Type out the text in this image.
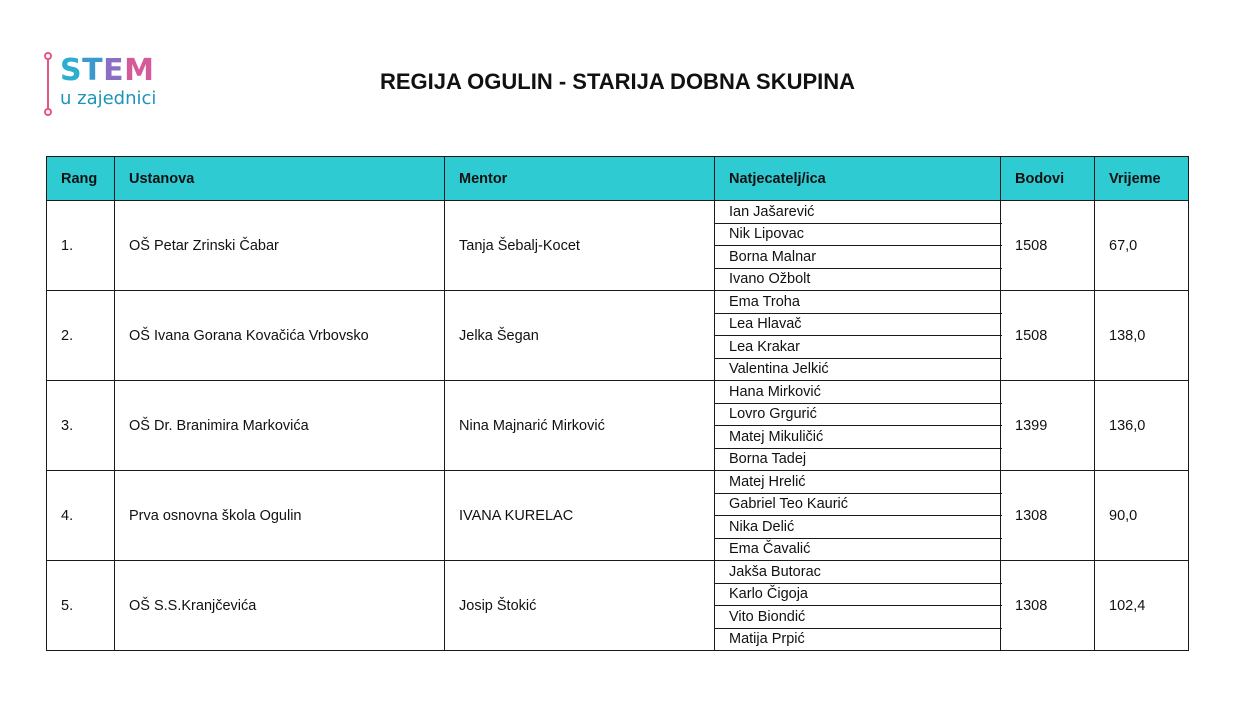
STEM
u zajednici
REGIJA OGULIN - STARIJA DOBNA SKUPINA
Rang	Ustanova	Mentor	Natjecatelj/ica	Bodovi	Vrijeme
1.	OŠ Petar Zrinski Čabar	Tanja Šebalj-Kocet	Ian Jašarević
Nik Lipovac
Borna Malnar
Ivano Ožbolt	1508	67,0
2.	OŠ Ivana Gorana Kovačića Vrbovsko	Jelka Šegan	Ema Troha
Lea Hlavač
Lea Krakar
Valentina Jelkić	1508	138,0
3.	OŠ Dr. Branimira Markovića	Nina Majnarić Mirković	Hana Mirković
Lovro Grgurić
Matej Mikuličić
Borna Tadej	1399	136,0
4.	Prva osnovna škola Ogulin	IVANA KURELAC	Matej Hrelić
Gabriel Teo Kaurić
Nika Delić
Ema Čavalić	1308	90,0
5.	OŠ S.S.Kranjčevića	Josip Štokić	Jakša Butorac
Karlo Čigoja
Vito Biondić
Matija Prpić	1308	102,4
